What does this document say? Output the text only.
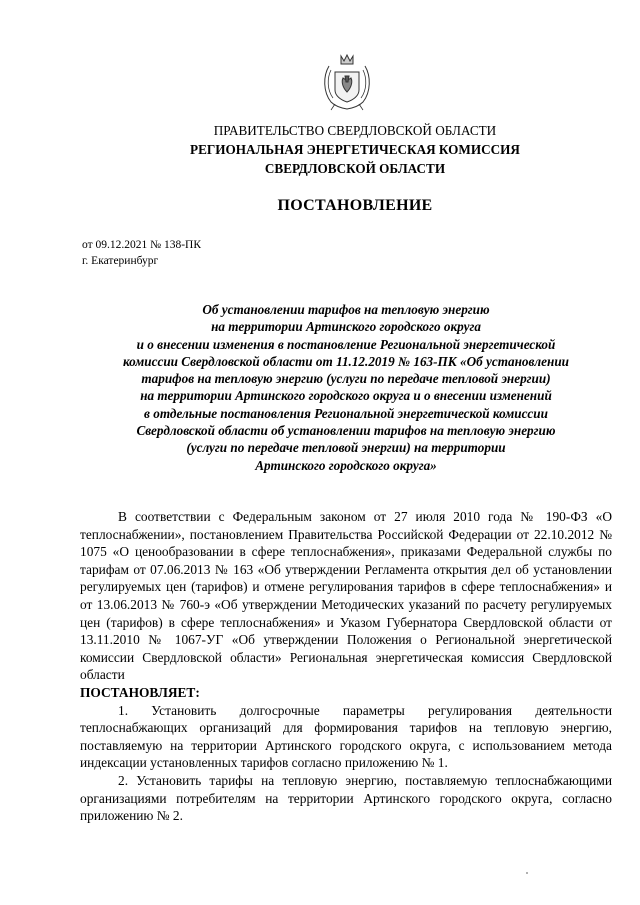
ПРАВИТЕЛЬСТВО СВЕРДЛОВСКОЙ ОБЛАСТИ
РЕГИОНАЛЬНАЯ ЭНЕРГЕТИЧЕСКАЯ КОМИССИЯ
СВЕРДЛОВСКОЙ ОБЛАСТИ
ПОСТАНОВЛЕНИЕ
от 09.12.2021 № 138-ПК
г. Екатеринбург
Об установлении тарифов на тепловую энергию
на территории Артинского городского округа
и о внесении изменения в постановление Региональной энергетической
комиссии Свердловской области от 11.12.2019 № 163-ПК «Об установлении
тарифов на тепловую энергию (услуги по передаче тепловой энергии)
на территории Артинского городского округа и о внесении изменений
в отдельные постановления Региональной энергетической комиссии
Свердловской области об установлении тарифов на тепловую энергию
(услуги по передаче тепловой энергии) на территории
Артинского городского округа»
В соответствии с Федеральным законом от 27 июля 2010 года № 190-ФЗ «О теплоснабжении», постановлением Правительства Российской Федерации от 22.10.2012 № 1075 «О ценообразовании в сфере теплоснабжения», приказами Федеральной службы по тарифам от 07.06.2013 № 163 «Об утверждении Регламента открытия дел об установлении регулируемых цен (тарифов) и отмене регулирования тарифов в сфере теплоснабжения» и от 13.06.2013 № 760-э «Об утверждении Методических указаний по расчету регулируемых цен (тарифов) в сфере теплоснабжения» и Указом Губернатора Свердловской области от 13.11.2010 № 1067-УГ «Об утверждении Положения о Региональной энергетической комиссии Свердловской области» Региональная энергетическая комиссия Свердловской области
ПОСТАНОВЛЯЕТ:
1. Установить долгосрочные параметры регулирования деятельности теплоснабжающих организаций для формирования тарифов на тепловую энергию, поставляемую на территории Артинского городского округа, с использованием метода индексации установленных тарифов согласно приложению № 1.
2. Установить тарифы на тепловую энергию, поставляемую теплоснабжающими организациями потребителям на территории Артинского городского округа, согласно приложению № 2.
